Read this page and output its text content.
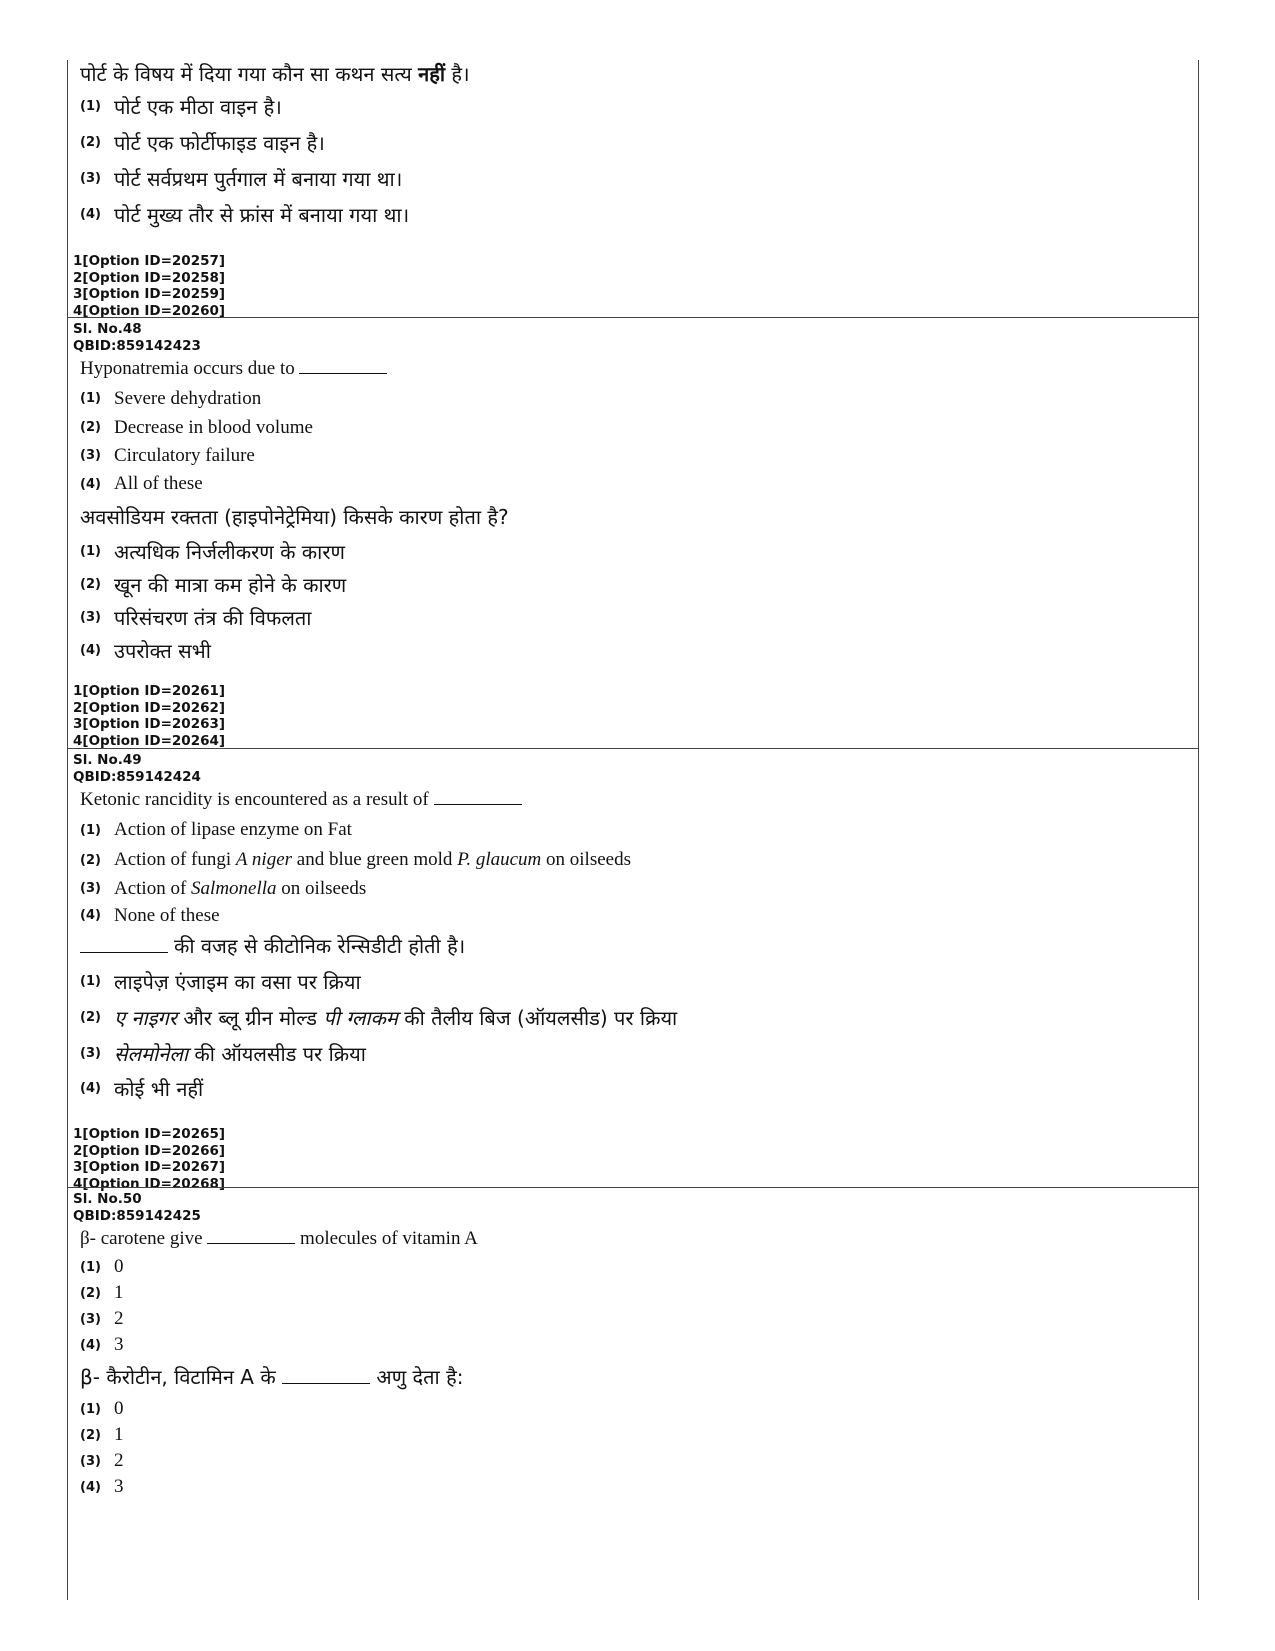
पोर्ट के विषय में दिया गया कौन सा कथन सत्य नहीं है।
(1) पोर्ट एक मीठा वाइन है।
(2) पोर्ट एक फोर्टीफाइड वाइन है।
(3) पोर्ट सर्वप्रथम पुर्तगाल में बनाया गया था।
(4) पोर्ट मुख्य तौर से फ्रांस में बनाया गया था।
1[Option ID=20257]
2[Option ID=20258]
3[Option ID=20259]
4[Option ID=20260]
Sl. No.48
QBID:859142423
Hyponatremia occurs due to
(1) Severe dehydration
(2) Decrease in blood volume
(3) Circulatory failure
(4) All of these
अवसोडियम रक्तता (हाइपोनेट्रेमिया) किसके कारण होता है?
(1) अत्यधिक निर्जलीकरण के कारण
(2) खून की मात्रा कम होने के कारण
(3) परिसंचरण तंत्र की विफलता
(4) उपरोक्त सभी
1[Option ID=20261]
2[Option ID=20262]
3[Option ID=20263]
4[Option ID=20264]
Sl. No.49
QBID:859142424
Ketonic rancidity is encountered as a result of
(1) Action of lipase enzyme on Fat
(2) Action of fungi A niger and blue green mold P. glaucum on oilseeds
(3) Action of Salmonella on oilseeds
(4) None of these
की वजह से कीटोनिक रेन्सिडीटी होती है।
(1) लाइपेज़ एंजाइम का वसा पर क्रिया
(2) ए नाइगर और ब्लू ग्रीन मोल्ड पी ग्लाकम की तैलीय बिज (ऑयलसीड) पर क्रिया
(3) सेलमोनेला की ऑयलसीड पर क्रिया
(4) कोई भी नहीं
1[Option ID=20265]
2[Option ID=20266]
3[Option ID=20267]
4[Option ID=20268]
Sl. No.50
QBID:859142425
β- carotene give	molecules of vitamin A
(1) 0
(2) 1
(3) 2
(4) 3
β- कैरोटीन, विटामिन A के	अणु देता है:
(1) 0
(2) 1
(3) 2
(4) 3
